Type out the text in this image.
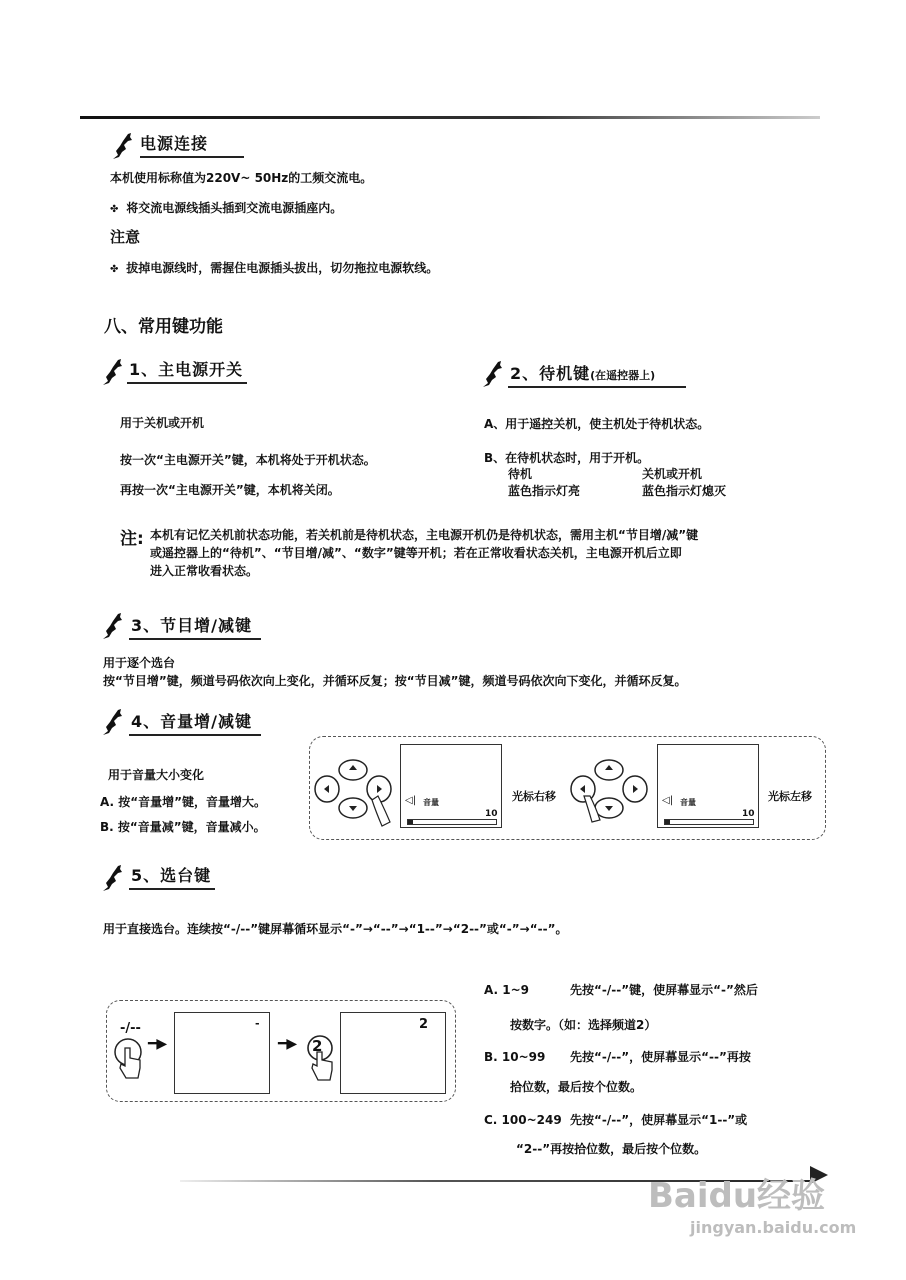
电源连接
本机使用标称值为220V~ 50Hz的工频交流电。
✤ 将交流电源线插头插到交流电源插座内。
注意
✤ 拔掉电源线时，需握住电源插头拔出，切勿拖拉电源软线。
八、常用键功能
1、主电源开关
用于关机或开机
按一次“主电源开关”键，本机将处于开机状态。
再按一次“主电源开关”键，本机将关闭。
2、待机键(在遥控器上)
A、用于遥控关机，使主机处于待机状态。
B、在待机状态时，用于开机。
待机	关机或开机
蓝色指示灯亮	蓝色指示灯熄灭
注: 本机有记忆关机前状态功能，若关机前是待机状态，主电源开机仍是待机状态，需用主机“节目增/减”键
或遥控器上的“待机”、“节目增/减”、“数字”键等开机；若在正常收看状态关机，主电源开机后立即
进入正常收看状态。
3、节目增/减键
用于逐个选台
按“节目增”键，频道号码依次向上变化，并循环反复；按“节目减”键，频道号码依次向下变化，并循环反复。
4、音量增/减键
用于音量大小变化
A. 按“音量增”键，音量增大。
B. 按“音量减”键，音量减小。
◁| 音量
10
光标右移	◁| 音量
10
光标左移
5、选台键
用于直接选台。连续按“-/--”键屏幕循环显示“-”→“--”→“1--”→“2--”或“-”→“--”。
-/--
━▶
-
━▶ 2
2
A. 1~9	先按“-/--”键，使屏幕显示“-”然后
按数字。（如：选择频道2）
B. 10~99 先按“-/--”，使屏幕显示“--”再按
拾位数，最后按个位数。
C. 100~249 先按“-/--”，使屏幕显示“1--”或
“2--”再按拾位数，最后按个位数。
Baidu经验
jingyan.baidu.com
